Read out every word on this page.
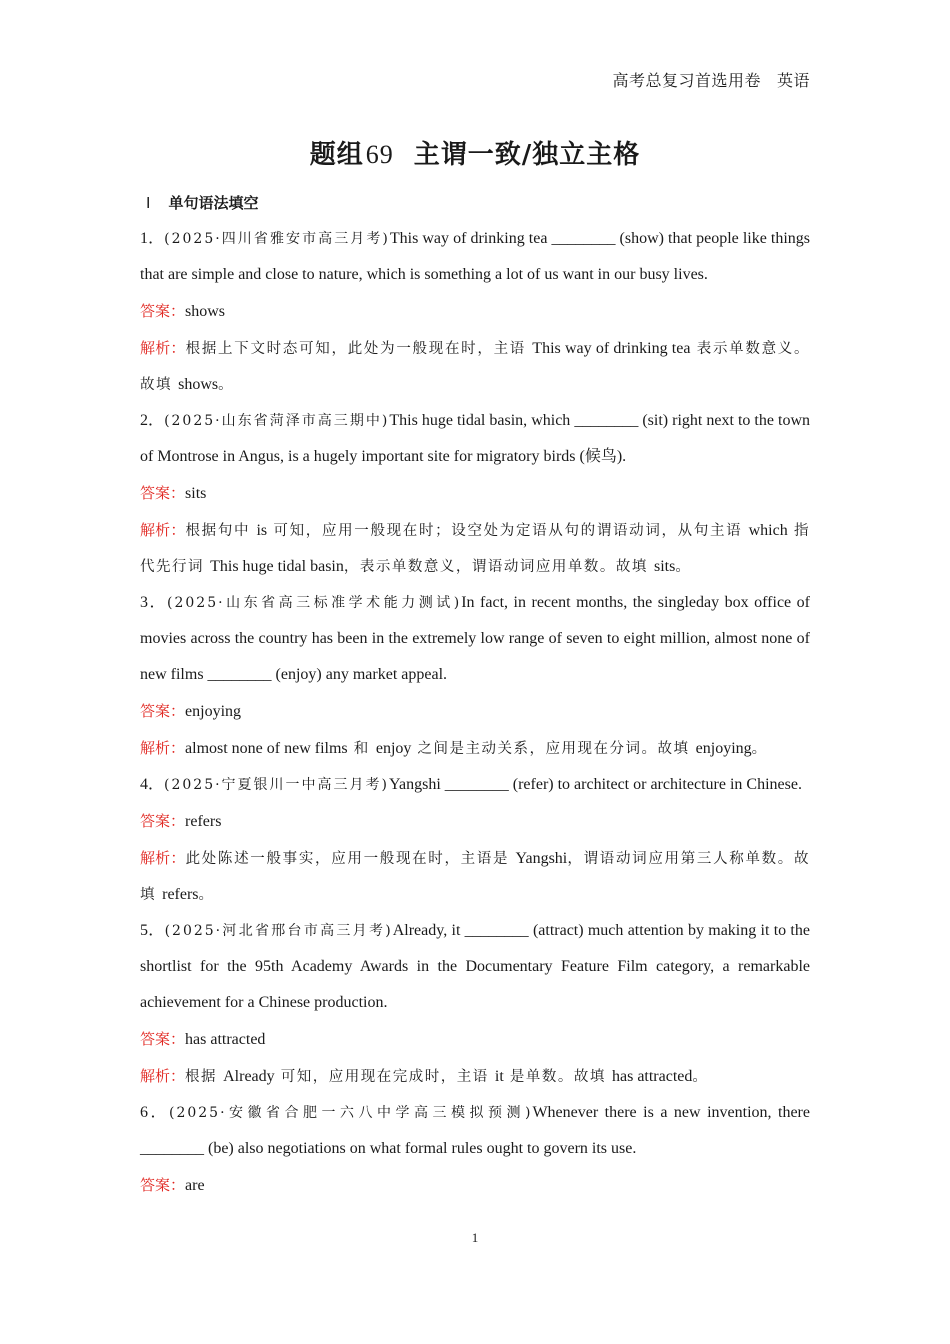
高考总复习首选用卷 英语
题组69 主谓一致/独立主格
Ⅰ 单句语法填空

1．(2025·四川省雅安市高三月考)This way of drinking tea ________ (show) that people like things that are simple and close to nature, which is something a lot of us want in our busy lives.

答案：shows

解析：根据上下文时态可知，此处为一般现在时，主语 This way of drinking tea 表示单数意义。故填 shows。

2．(2025·山东省菏泽市高三期中)This huge tidal basin, which ________ (sit) right next to the town of Montrose in Angus, is a hugely important site for migratory birds (候鸟).

答案：sits

解析：根据句中 is 可知，应用一般现在时；设空处为定语从句的谓语动词，从句主语 which 指代先行词 This huge tidal basin，表示单数意义，谓语动词应用单数。故填 sits。

3．(2025·山东省高三标准学术能力测试)In fact, in recent months, the singleday box office of movies across the country has been in the extremely low range of seven to eight million, almost none of new films ________ (enjoy) any market appeal.

答案：enjoying

解析：almost none of new films 和 enjoy 之间是主动关系，应用现在分词。故填 enjoying。

4．(2025·宁夏银川一中高三月考)Yangshi ________ (refer) to architect or architecture in Chinese.

答案：refers

解析：此处陈述一般事实，应用一般现在时，主语是 Yangshi，谓语动词应用第三人称单数。故填 refers。

5．(2025·河北省邢台市高三月考)Already, it ________ (attract) much attention by making it to the shortlist for the 95th Academy Awards in the Documentary Feature Film category, a remarkable achievement for a Chinese production.

答案：has attracted

解析：根据 Already 可知，应用现在完成时，主语 it 是单数。故填 has attracted。

6．(2025·安徽省合肥一六八中学高三模拟预测)Whenever there is a new invention, there ________ (be) also negotiations on what formal rules ought to govern its use.

答案：are

1
